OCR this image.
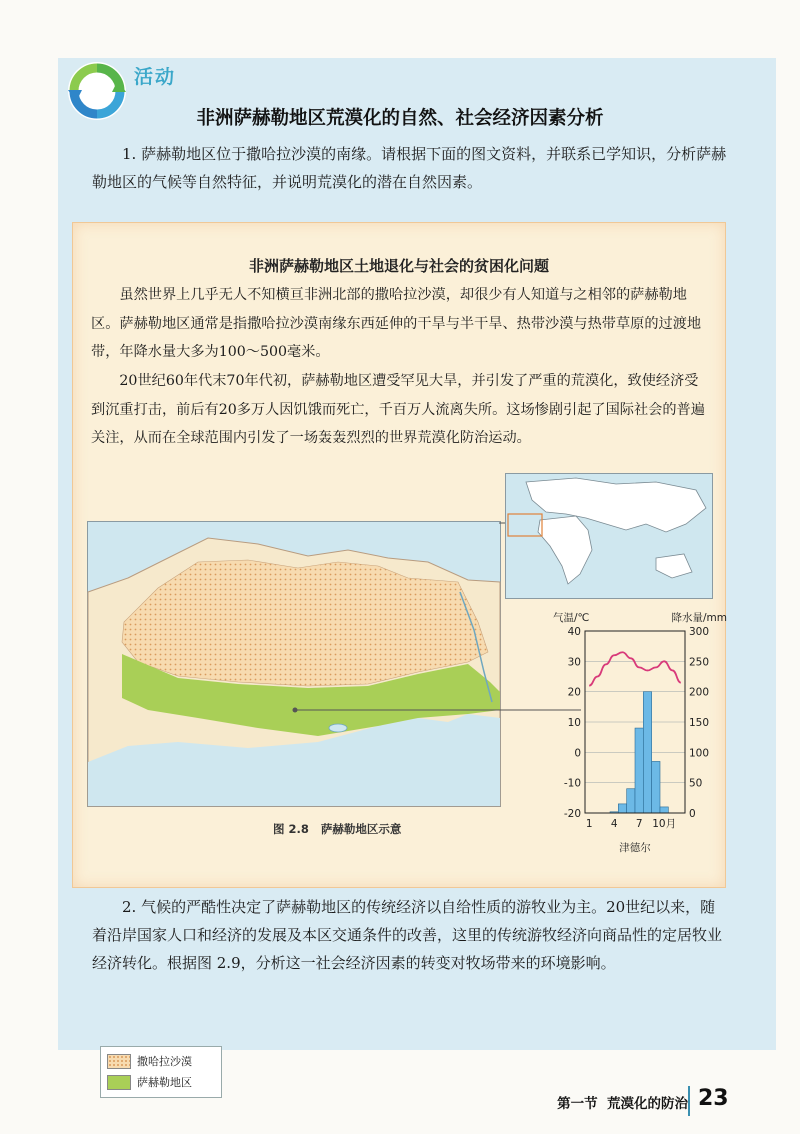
活动
非洲萨赫勒地区荒漠化的自然、社会经济因素分析

1. 萨赫勒地区位于撒哈拉沙漠的南缘。请根据下面的图文资料，并联系已学知识，分析萨赫勒地区的气候等自然特征，并说明荒漠化的潜在自然因素。

非洲萨赫勒地区土地退化与社会的贫困化问题

虽然世界上几乎无人不知横亘非洲北部的撒哈拉沙漠，却很少有人知道与之相邻的萨赫勒地区。萨赫勒地区通常是指撒哈拉沙漠南缘东西延伸的干旱与半干旱、热带沙漠与热带草原的过渡地带，年降水量大多为100～500毫米。

20世纪60年代末70年代初，萨赫勒地区遭受罕见大旱，并引发了严重的荒漠化，致使经济受到沉重打击，前后有20多万人因饥饿而死亡，千百万人流离失所。这场惨剧引起了国际社会的普遍关注，从而在全球范围内引发了一场轰轰烈烈的世界荒漠化防治运动。

撒哈拉沙漠
萨赫勒地区
图 2.8 萨赫勒地区示意
气温/℃	降水量/mm
40
30
20
10
0
-10
-20
300
250
200
150
100
50
0
1 4 7 10月
津德尔

2. 气候的严酷性决定了萨赫勒地区的传统经济以自给性质的游牧业为主。20世纪以来，随着沿岸国家人口和经济的发展及本区交通条件的改善，这里的传统游牧经济向商品性的定居牧业经济转化。根据图 2.9，分析这一社会经济因素的转变对牧场带来的环境影响。

第一节  荒漠化的防治 23
